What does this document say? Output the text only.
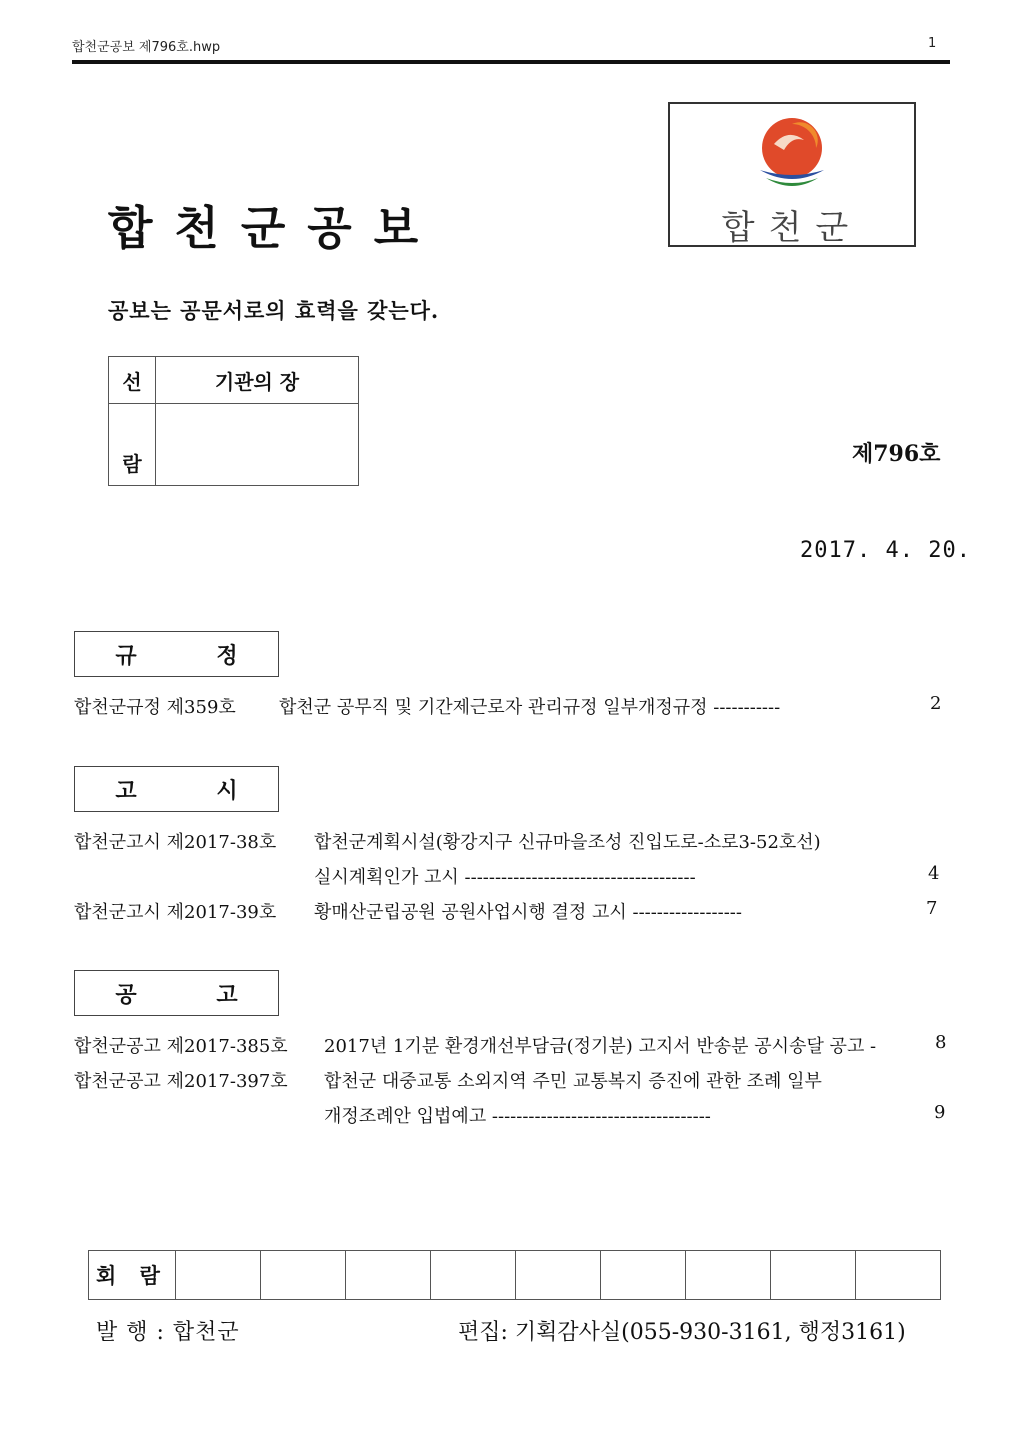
합천군공보 제796호.hwp	1
합천군공보	합천군
공보는 공문서로의 효력을 갖는다.
선	기관의 장
람		제796호
2017. 4. 20.
규 정
합천군규정 제359호 합천군 공무직 및 기간제근로자 관리규정 일부개정규정 -----------	2
고 시
합천군고시 제2017-38호 합천군계획시설(황강지구 신규마을조성 진입도로-소로3-52호선)
실시계획인가 고시 --------------------------------------	4
합천군고시 제2017-39호 황매산군립공원 공원사업시행 결정 고시 ------------------	7
공 고
합천군공고 제2017-385호 2017년 1기분 환경개선부담금(정기분) 고지서 반송분 공시송달 공고 -	8
합천군공고 제2017-397호 합천군 대중교통 소외지역 주민 교통복지 증진에 관한 조례 일부
개정조례안 입법예고 ------------------------------------	9
회 람									
발 행 : 합천군	편집: 기획감사실(055-930-3161, 행정3161)
